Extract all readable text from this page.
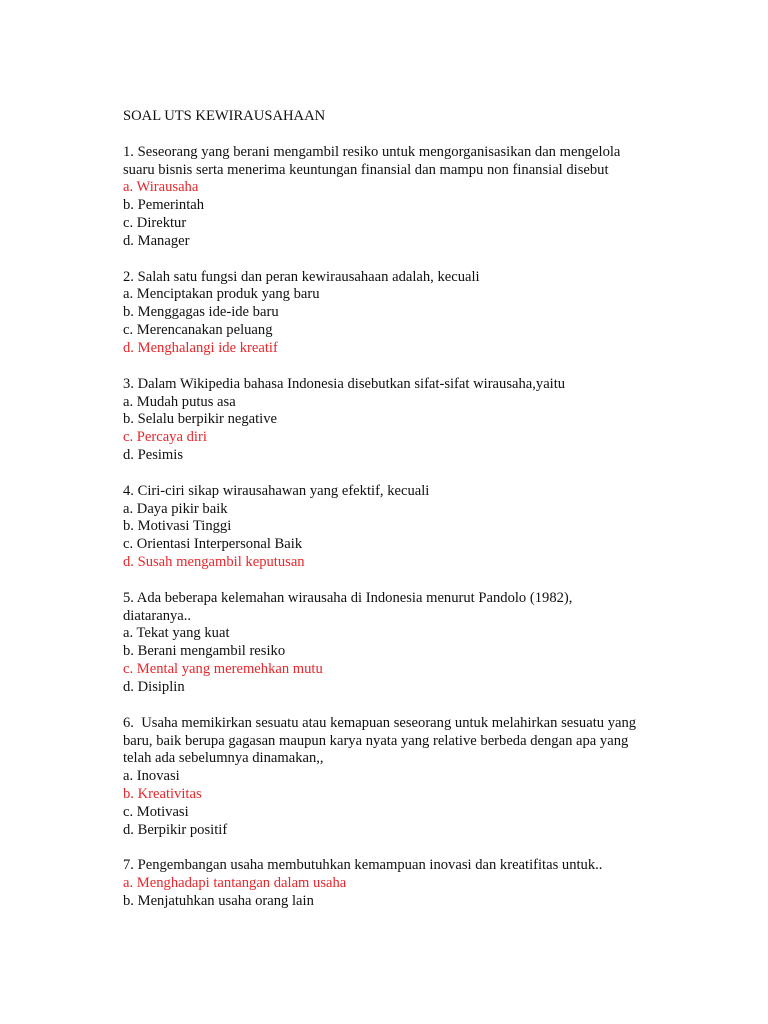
SOAL UTS KEWIRAUSAHAAN
1. Seseorang yang berani mengambil resiko untuk mengorganisasikan dan mengelola
suaru bisnis serta menerima keuntungan finansial dan mampu non finansial disebut
a. Wirausaha
b. Pemerintah
c. Direktur
d. Manager
2. Salah satu fungsi dan peran kewirausahaan adalah, kecuali
a. Menciptakan produk yang baru
b. Menggagas ide-ide baru
c. Merencanakan peluang
d. Menghalangi ide kreatif
3. Dalam Wikipedia bahasa Indonesia disebutkan sifat-sifat wirausaha,yaitu
a. Mudah putus asa
b. Selalu berpikir negative
c. Percaya diri
d. Pesimis
4. Ciri-ciri sikap wirausahawan yang efektif, kecuali
a. Daya pikir baik
b. Motivasi Tinggi
c. Orientasi Interpersonal Baik
d. Susah mengambil keputusan
5. Ada beberapa kelemahan wirausaha di Indonesia menurut Pandolo (1982),
diataranya..
a. Tekat yang kuat
b. Berani mengambil resiko
c. Mental yang meremehkan mutu
d. Disiplin
6.  Usaha memikirkan sesuatu atau kemapuan seseorang untuk melahirkan sesuatu yang
baru, baik berupa gagasan maupun karya nyata yang relative berbeda dengan apa yang
telah ada sebelumnya dinamakan,,
a. Inovasi
b. Kreativitas
c. Motivasi
d. Berpikir positif
7. Pengembangan usaha membutuhkan kemampuan inovasi dan kreatifitas untuk..
a. Menghadapi tantangan dalam usaha
b. Menjatuhkan usaha orang lain
